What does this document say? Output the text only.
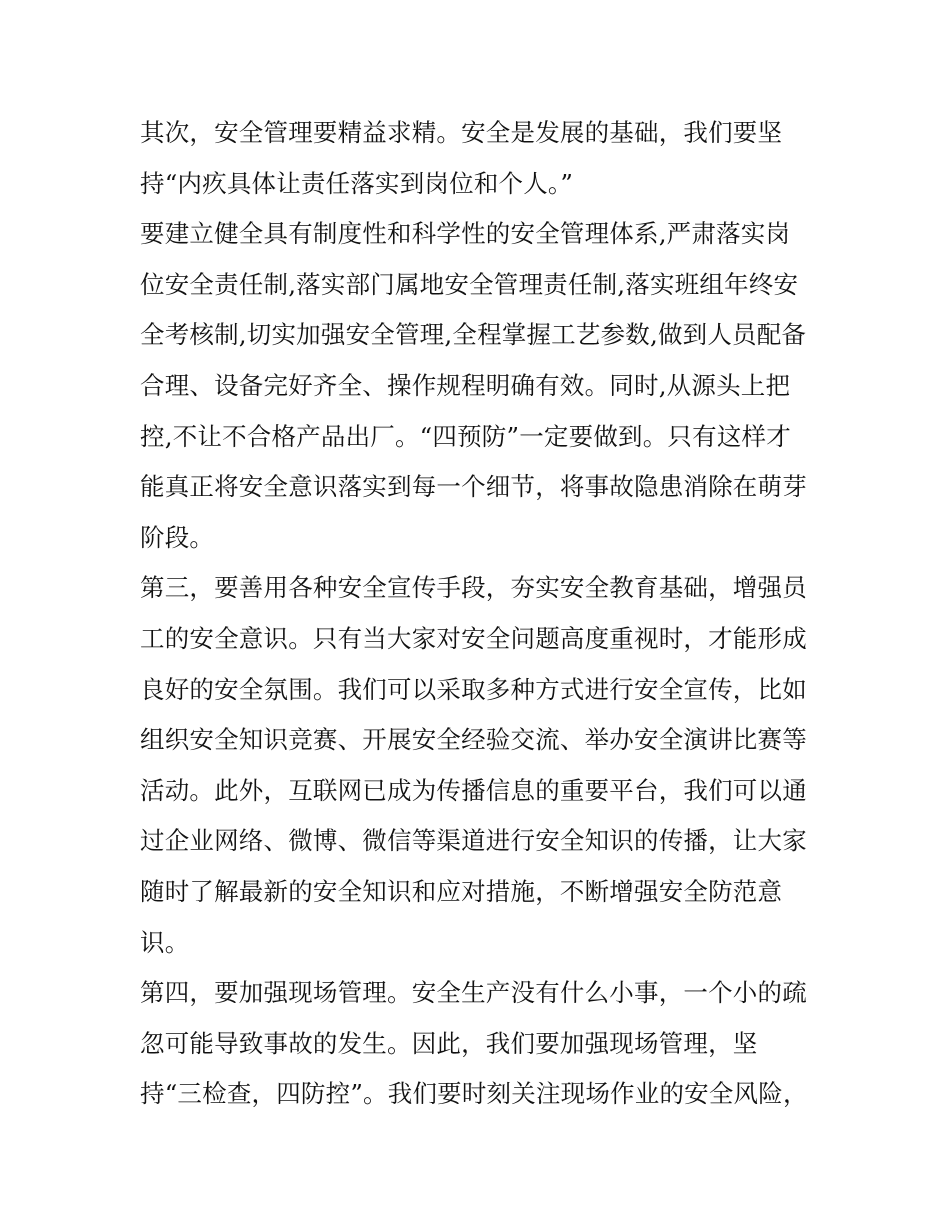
其次，安全管理要精益求精。安全是发展的基础，我们要坚
持“内疚具体让责任落实到岗位和个人。”
要建立健全具有制度性和科学性的安全管理体系,严肃落实岗
位安全责任制,落实部门属地安全管理责任制,落实班组年终安
全考核制,切实加强安全管理,全程掌握工艺参数,做到人员配备
合理、设备完好齐全、操作规程明确有效。同时,从源头上把
控,不让不合格产品出厂。“四预防”一定要做到。只有这样才
能真正将安全意识落实到每一个细节，将事故隐患消除在萌芽
阶段。
第三，要善用各种安全宣传手段，夯实安全教育基础，增强员
工的安全意识。只有当大家对安全问题高度重视时，才能形成
良好的安全氛围。我们可以采取多种方式进行安全宣传，比如
组织安全知识竞赛、开展安全经验交流、举办安全演讲比赛等
活动。此外，互联网已成为传播信息的重要平台，我们可以通
过企业网络、微博、微信等渠道进行安全知识的传播，让大家
随时了解最新的安全知识和应对措施，不断增强安全防范意
识。
第四，要加强现场管理。安全生产没有什么小事，一个小的疏
忽可能导致事故的发生。因此，我们要加强现场管理，坚
持“三检查，四防控”。我们要时刻关注现场作业的安全风险，
